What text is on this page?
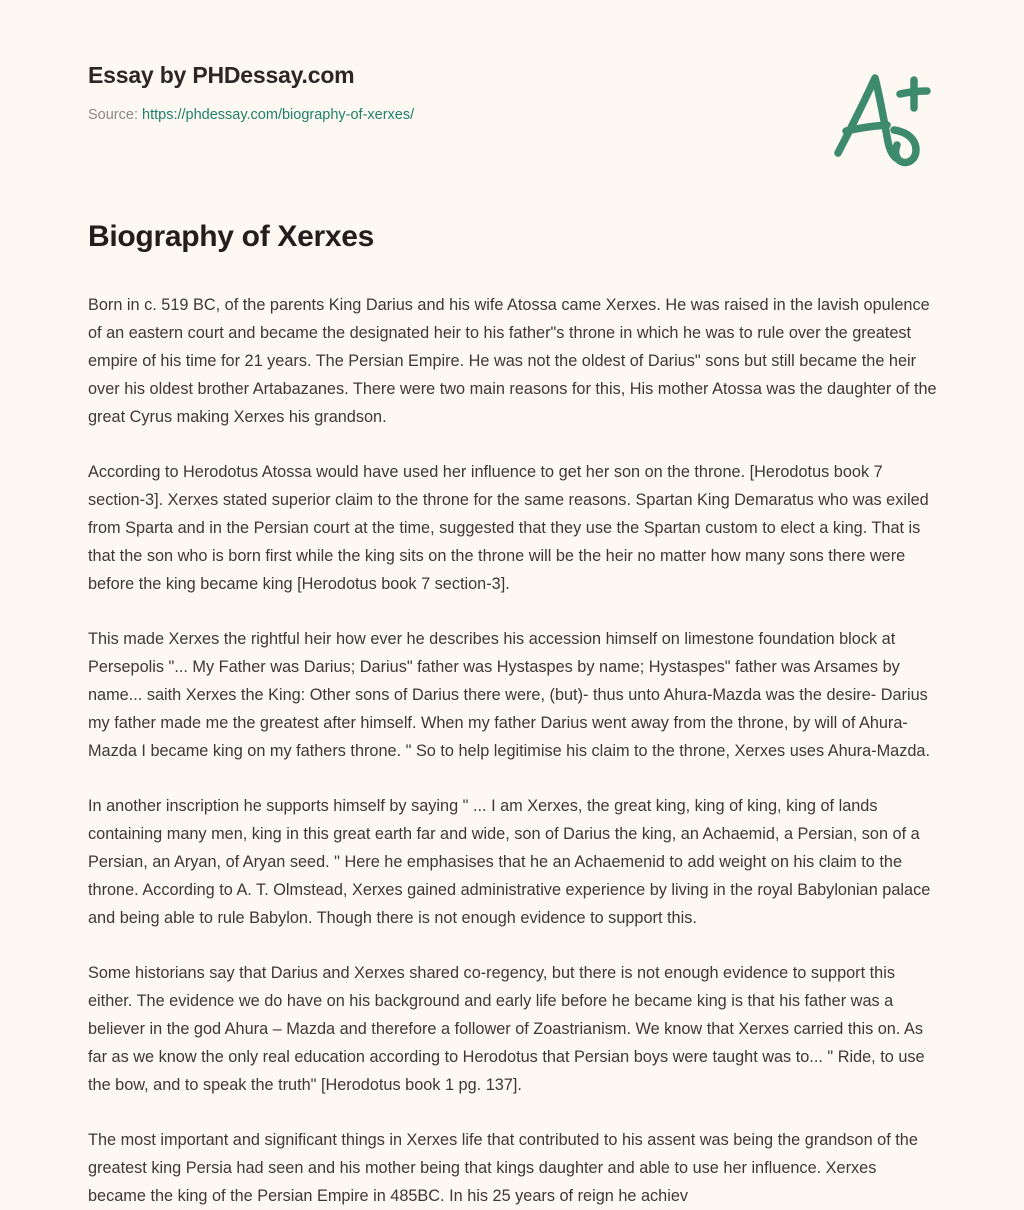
Essay by PHDessay.com
Source: https://phdessay.com/biography-of-xerxes/
Biography of Xerxes

Born in c. 519 BC, of the parents King Darius and his wife Atossa came Xerxes. He was raised in the lavish opulence of an eastern court and became the designated heir to his father"s throne in which he was to rule over the greatest empire of his time for 21 years. The Persian Empire. He was not the oldest of Darius" sons but still became the heir over his oldest brother Artabazanes. There were two main reasons for this, His mother Atossa was the daughter of the great Cyrus making Xerxes his grandson.

According to Herodotus Atossa would have used her influence to get her son on the throne. [Herodotus book 7 section-3]. Xerxes stated superior claim to the throne for the same reasons. Spartan King Demaratus who was exiled from Sparta and in the Persian court at the time, suggested that they use the Spartan custom to elect a king. That is that the son who is born first while the king sits on the throne will be the heir no matter how many sons there were before the king became king [Herodotus book 7 section-3].

This made Xerxes the rightful heir how ever he describes his accession himself on limestone foundation block at Persepolis "... My Father was Darius; Darius" father was Hystaspes by name; Hystaspes" father was Arsames by name... saith Xerxes the King: Other sons of Darius there were, (but)- thus unto Ahura-Mazda was the desire- Darius my father made me the greatest after himself. When my father Darius went away from the throne, by will of Ahura-Mazda I became king on my fathers throne. " So to help legitimise his claim to the throne, Xerxes uses Ahura-Mazda.

In another inscription he supports himself by saying " ... I am Xerxes, the great king, king of king, king of lands containing many men, king in this great earth far and wide, son of Darius the king, an Achaemid, a Persian, son of a Persian, an Aryan, of Aryan seed. " Here he emphasises that he an Achaemenid to add weight on his claim to the throne. According to A. T. Olmstead, Xerxes gained administrative experience by living in the royal Babylonian palace and being able to rule Babylon. Though there is not enough evidence to support this.

Some historians say that Darius and Xerxes shared co-regency, but there is not enough evidence to support this either. The evidence we do have on his background and early life before he became king is that his father was a believer in the god Ahura – Mazda and therefore a follower of Zoastrianism. We know that Xerxes carried this on. As far as we know the only real education according to Herodotus that Persian boys were taught was to... " Ride, to use the bow, and to speak the truth" [Herodotus book 1 pg. 137].

The most important and significant things in Xerxes life that contributed to his assent was being the grandson of the greatest king Persia had seen and his mother being that kings daughter and able to use her influence. Xerxes became the king of the Persian Empire in 485BC. In his 25 years of reign he achiev
